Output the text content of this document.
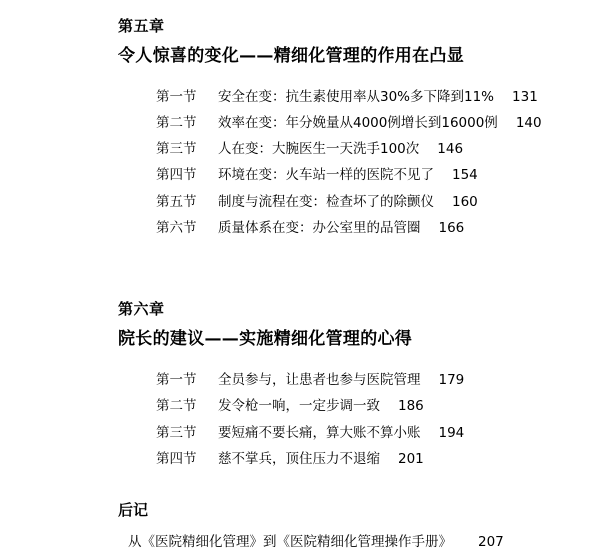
第五章
令人惊喜的变化——精细化管理的作用在凸显
第一节	安全在变：抗生素使用率从30%多下降到11% 131
第二节	效率在变：年分娩量从4000例增长到16000例 140
第三节	人在变：大腕医生一天洗手100次 146
第四节	环境在变：火车站一样的医院不见了 154
第五节	制度与流程在变：检查坏了的除颤仪 160
第六节	质量体系在变：办公室里的品管圈 166
第六章
院长的建议——实施精细化管理的心得
第一节	全员参与，让患者也参与医院管理 179
第二节	发令枪一响，一定步调一致 186
第三节	要短痛不要长痛，算大账不算小账 194
第四节	慈不掌兵，顶住压力不退缩 201
后记
从《医院精细化管理》到《医院精细化管理操作手册》 207
